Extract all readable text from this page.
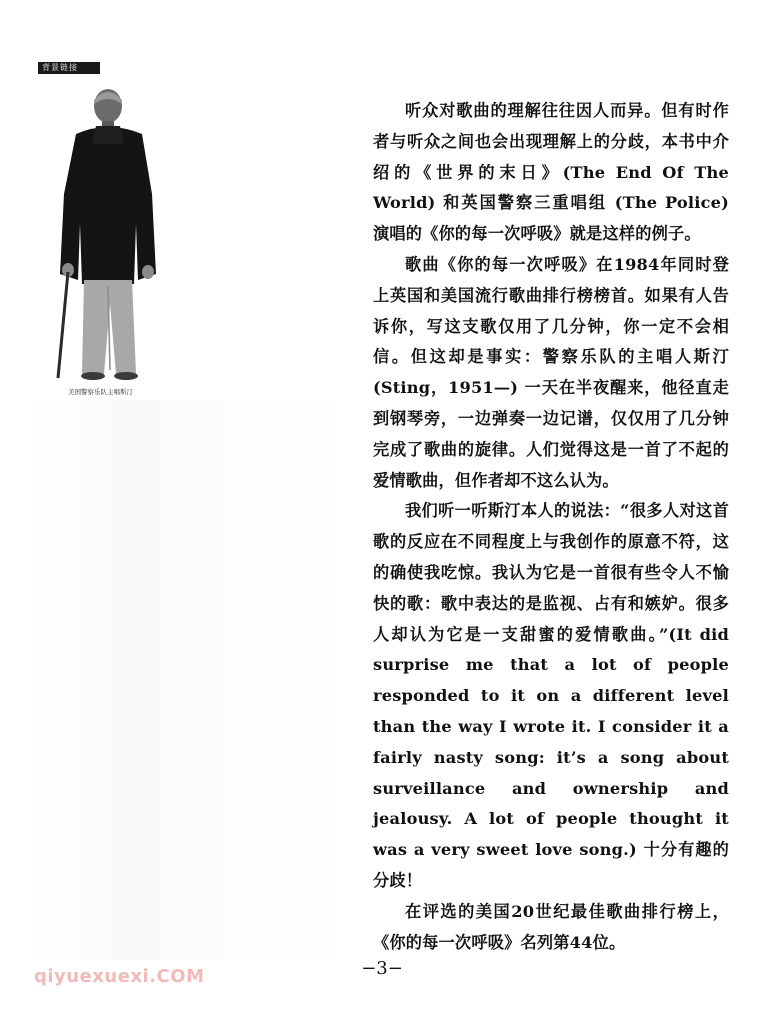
背景链接
美国警察乐队主唱斯汀

听众对歌曲的理解往往因人而异。但有时作者与听众之间也会出现理解上的分歧，本书中介绍的《世界的末日》(The End Of The World) 和英国警察三重唱组 (The Police) 演唱的《你的每一次呼吸》就是这样的例子。

歌曲《你的每一次呼吸》在1984年同时登上英国和美国流行歌曲排行榜榜首。如果有人告诉你，写这支歌仅用了几分钟，你一定不会相信。但这却是事实：警察乐队的主唱人斯汀 (Sting，1951—) 一天在半夜醒来，他径直走到钢琴旁，一边弹奏一边记谱，仅仅用了几分钟完成了歌曲的旋律。人们觉得这是一首了不起的爱情歌曲，但作者却不这么认为。

我们听一听斯汀本人的说法：“很多人对这首歌的反应在不同程度上与我创作的原意不符，这的确使我吃惊。我认为它是一首很有些令人不愉快的歌：歌中表达的是监视、占有和嫉妒。很多人却认为它是一支甜蜜的爱情歌曲。”(It did surprise me that a lot of people responded to it on a different level than the way I wrote it. I consider it a fairly nasty song: it’s a song about surveillance and ownership and jealousy. A lot of people thought it was a very sweet love song.) 十分有趣的分歧！

在评选的美国20世纪最佳歌曲排行榜上，《你的每一次呼吸》名列第44位。

−3−
qiyuexuexi.COM
